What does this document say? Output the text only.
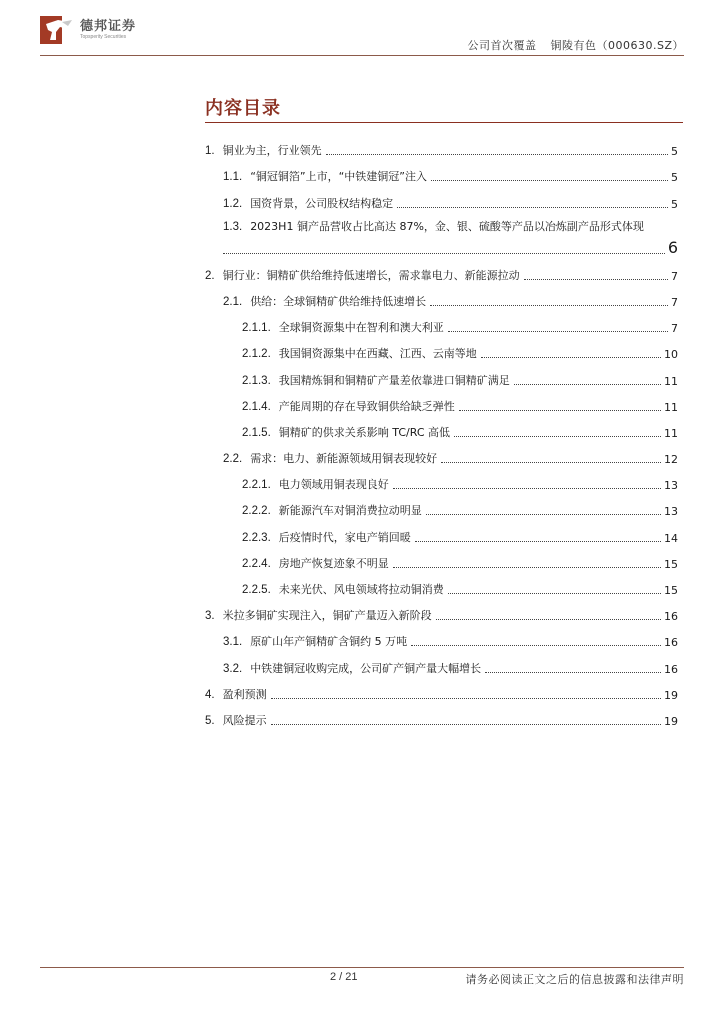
德邦证券
Topsperity Securities
公司首次覆盖 铜陵有色（000630.SZ）
内容目录
1. 铜业为主，行业领先	5
1.1. “铜冠铜箔”上市，“中铁建铜冠”注入	5
1.2. 国资背景，公司股权结构稳定	5
1.3. 2023H1 铜产品营收占比高达 87%，金、银、硫酸等产品以冶炼副产品形式体现
6
2. 铜行业：铜精矿供给维持低速增长，需求靠电力、新能源拉动	7
2.1. 供给：全球铜精矿供给维持低速增长	7
2.1.1. 全球铜资源集中在智利和澳大利亚	7
2.1.2. 我国铜资源集中在西藏、江西、云南等地	10
2.1.3. 我国精炼铜和铜精矿产量差依靠进口铜精矿满足	11
2.1.4. 产能周期的存在导致铜供给缺乏弹性	11
2.1.5. 铜精矿的供求关系影响 TC/RC 高低	11
2.2. 需求：电力、新能源领域用铜表现较好	12
2.2.1. 电力领域用铜表现良好	13
2.2.2. 新能源汽车对铜消费拉动明显	13
2.2.3. 后疫情时代，家电产销回暖	14
2.2.4. 房地产恢复迹象不明显	15
2.2.5. 未来光伏、风电领域将拉动铜消费	15
3. 米拉多铜矿实现注入，铜矿产量迈入新阶段	16
3.1. 原矿山年产铜精矿含铜约 5 万吨	16
3.2. 中铁建铜冠收购完成，公司矿产铜产量大幅增长	16
4. 盈利预测	19
5. 风险提示	19
2 / 21	请务必阅读正文之后的信息披露和法律声明
